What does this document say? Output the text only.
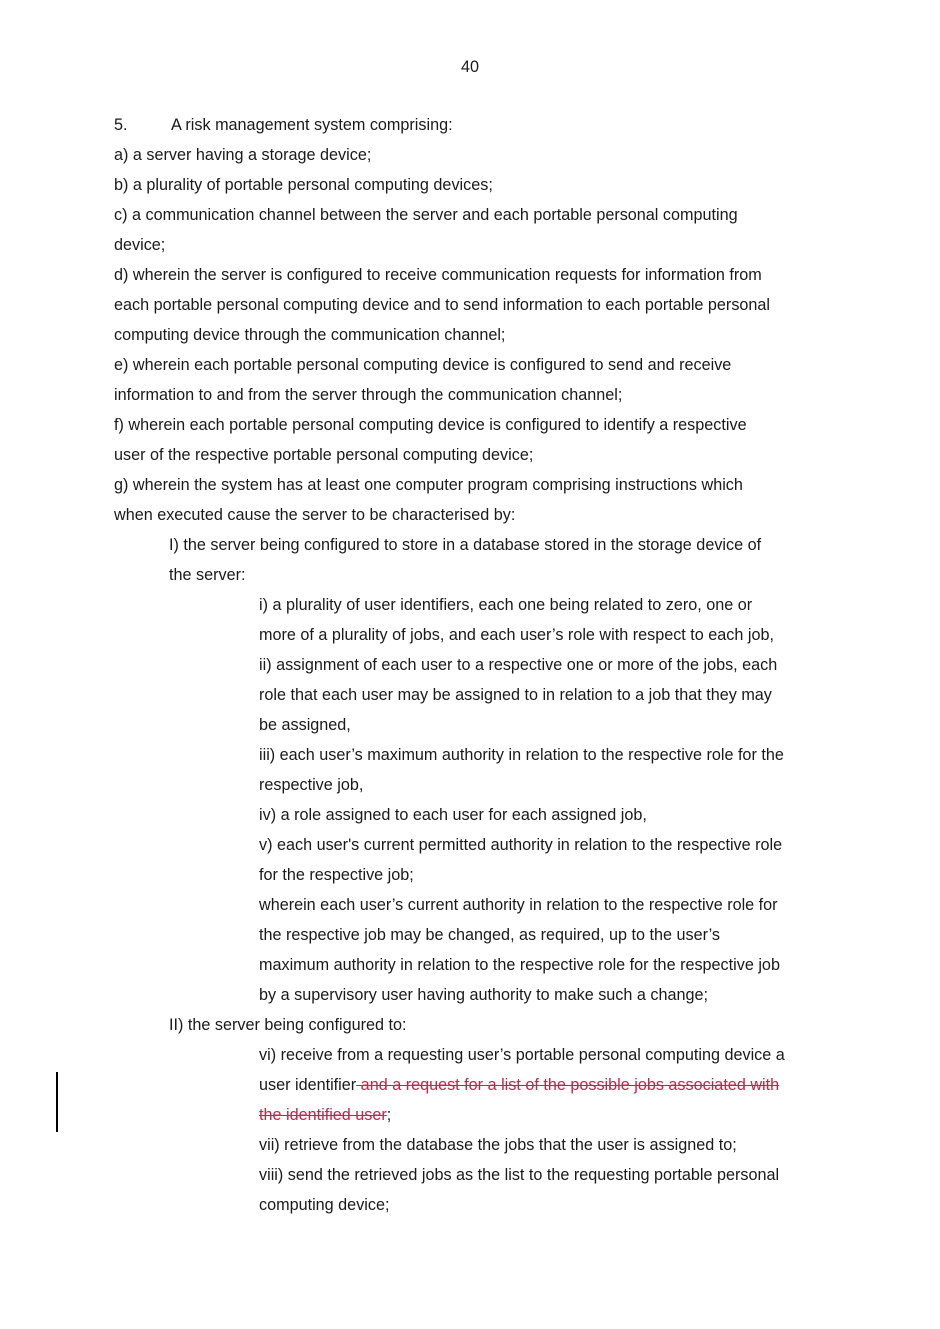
40
5.	A risk management system comprising:
a) a server having a storage device;
b) a plurality of portable personal computing devices;
c) a communication channel between the server and each portable personal computing
device;
d) wherein the server is configured to receive communication requests for information from
each portable personal computing device and to send information to each portable personal
computing device through the communication channel;
e) wherein each portable personal computing device is configured to send and receive
information to and from the server through the communication channel;
f) wherein each portable personal computing device is configured to identify a respective
user of the respective portable personal computing device;
g) wherein the system has at least one computer program comprising instructions which
when executed cause the server to be characterised by:
I) the server being configured to store in a database stored in the storage device of
the server:
i) a plurality of user identifiers, each one being related to zero, one or
more of a plurality of jobs, and each user’s role with respect to each job,
ii) assignment of each user to a respective one or more of the jobs, each
role that each user may be assigned to in relation to a job that they may
be assigned,
iii) each user’s maximum authority in relation to the respective role for the
respective job,
iv) a role assigned to each user for each assigned job,
v) each user's current permitted authority in relation to the respective role
for the respective job;
wherein each user’s current authority in relation to the respective role for
the respective job may be changed, as required, up to the user’s
maximum authority in relation to the respective role for the respective job
by a supervisory user having authority to make such a change;
II) the server being configured to:
vi) receive from a requesting user’s portable personal computing device a
user identifier and a request for a list of the possible jobs associated with
the identified user;
vii) retrieve from the database the jobs that the user is assigned to;
viii) send the retrieved jobs as the list to the requesting portable personal
computing device;
